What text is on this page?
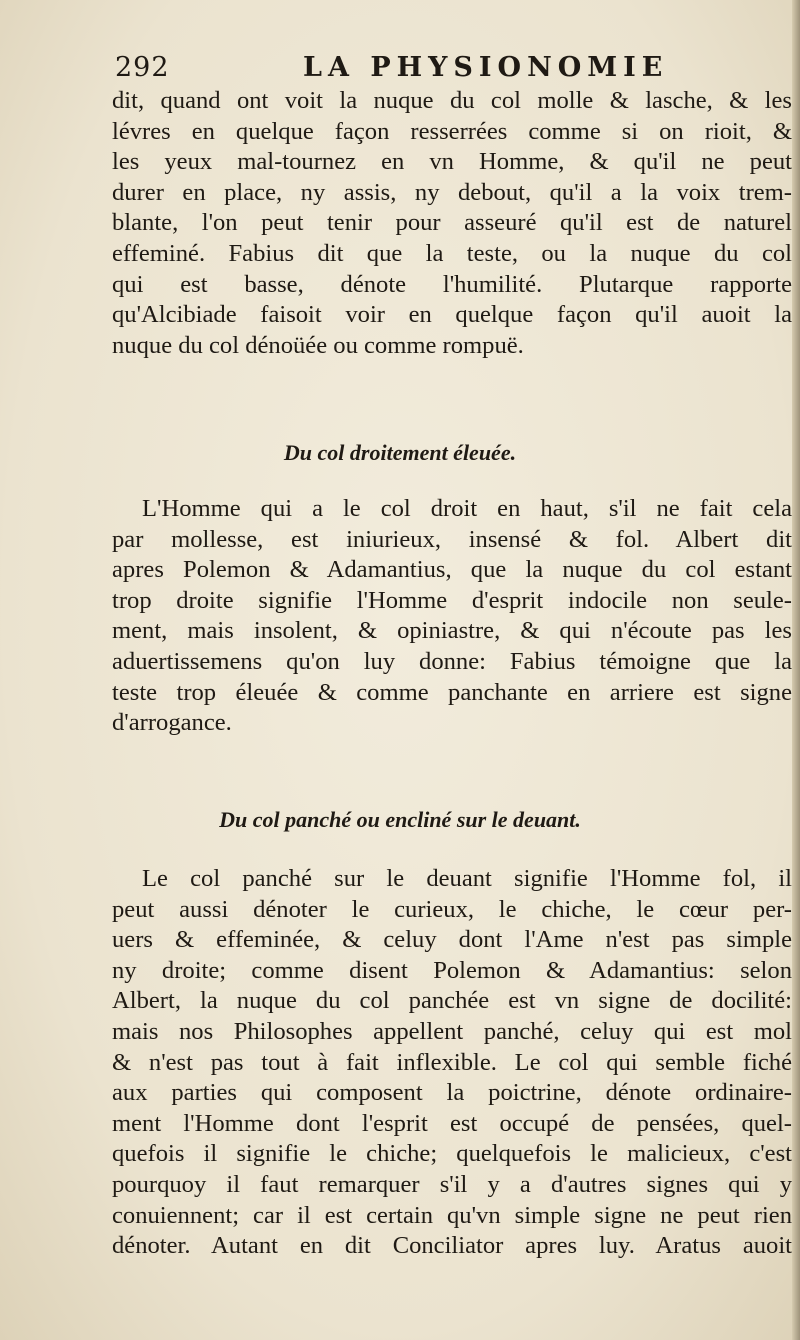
292	LA PHYSIONOMIE

dit, quand ont voit la nuque du col molle & lasche, & les
lévres en quelque façon resserrées comme si on rioit, &
les yeux mal-tournez en vn Homme, & qu'il ne peut
durer en place, ny assis, ny debout, qu'il a la voix trem-
blante, l'on peut tenir pour asseuré qu'il est de naturel
effeminé. Fabius dit que la teste, ou la nuque du col
qui est basse, dénote l'humilité. Plutarque rapporte
qu'Alcibiade faisoit voir en quelque façon qu'il auoit la
nuque du col dénoüée ou comme rompuë.

Du col droitement éleuée.

L'Homme qui a le col droit en haut, s'il ne fait cela
par mollesse, est iniurieux, insensé & fol. Albert dit
apres Polemon & Adamantius, que la nuque du col estant
trop droite signifie l'Homme d'esprit indocile non seule-
ment, mais insolent, & opiniastre, & qui n'écoute pas les
aduertissemens qu'on luy donne: Fabius témoigne que la
teste trop éleuée & comme panchante en arriere est signe
d'arrogance.

Du col panché ou encliné sur le deuant.

Le col panché sur le deuant signifie l'Homme fol, il
peut aussi dénoter le curieux, le chiche, le cœur per-
uers & effeminée, & celuy dont l'Ame n'est pas simple
ny droite; comme disent Polemon & Adamantius: selon
Albert, la nuque du col panchée est vn signe de docilité:
mais nos Philosophes appellent panché, celuy qui est mol
& n'est pas tout à fait inflexible. Le col qui semble fiché
aux parties qui composent la poictrine, dénote ordinaire-
ment l'Homme dont l'esprit est occupé de pensées, quel-
quefois il signifie le chiche; quelquefois le malicieux, c'est
pourquoy il faut remarquer s'il y a d'autres signes qui y
conuiennent; car il est certain qu'vn simple signe ne peut rien
dénoter. Autant en dit Conciliator apres luy. Aratus auoit
